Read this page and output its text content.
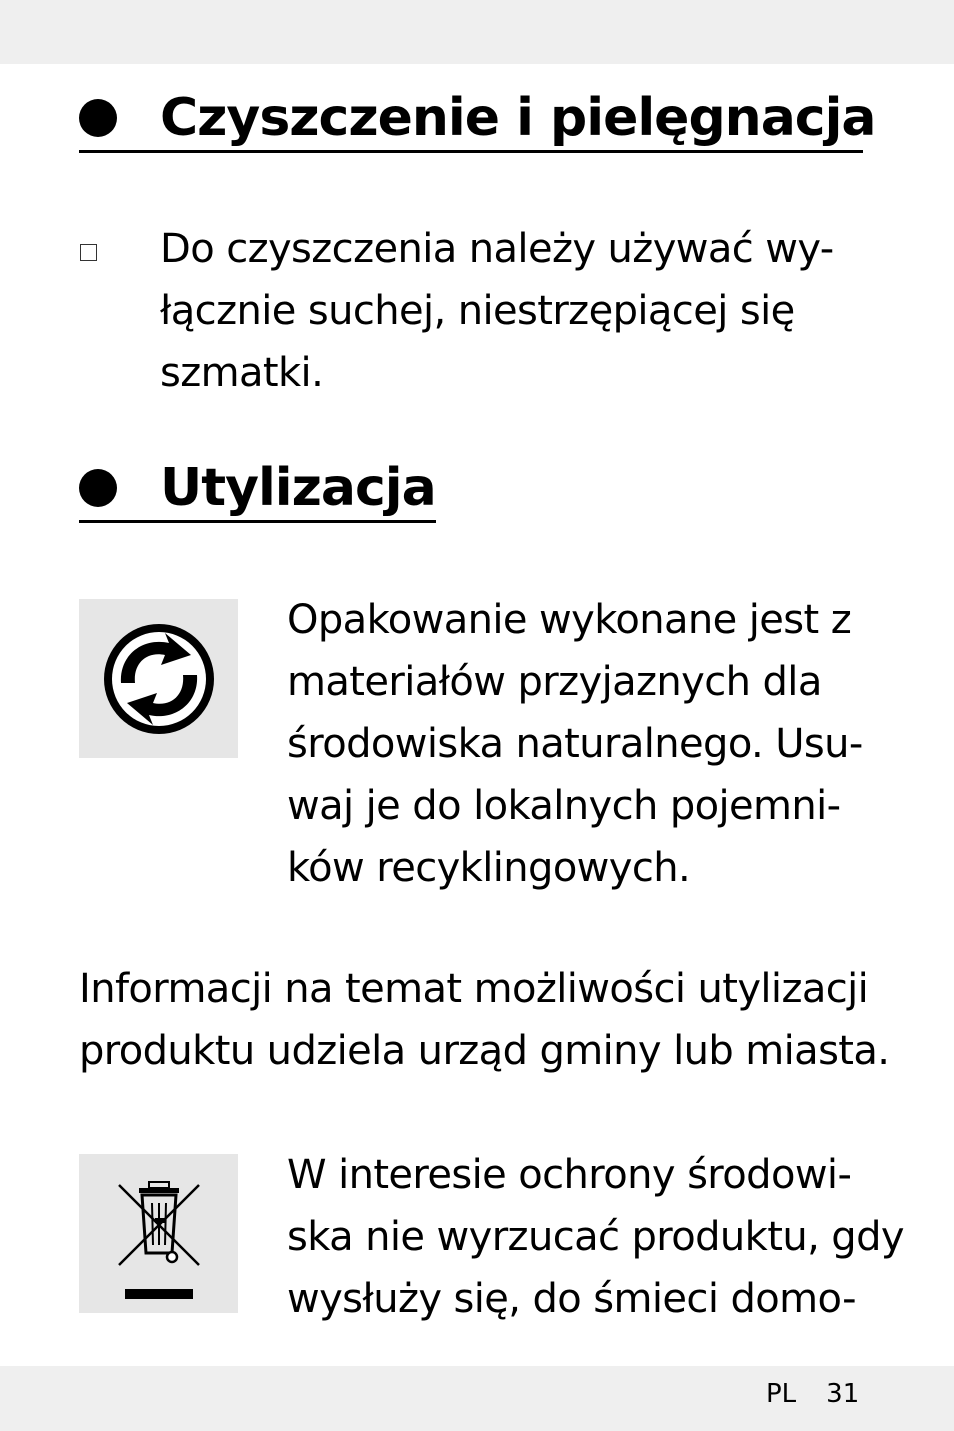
Czyszczenie i pielęgnacja
Do czyszczenia należy używać wy-
łącznie suchej, niestrzępiącej się
szmatki.
Utylizacja
Opakowanie wykonane jest z
materiałów przyjaznych dla
środowiska naturalnego. Usu-
waj je do lokalnych pojemni-
ków recyklingowych.
Informacji na temat możliwości utylizacji
produktu udziela urząd gminy lub miasta.
W interesie ochrony środowi-
ska nie wyrzucać produktu, gdy
wysłuży się, do śmieci domo-
PL 31
